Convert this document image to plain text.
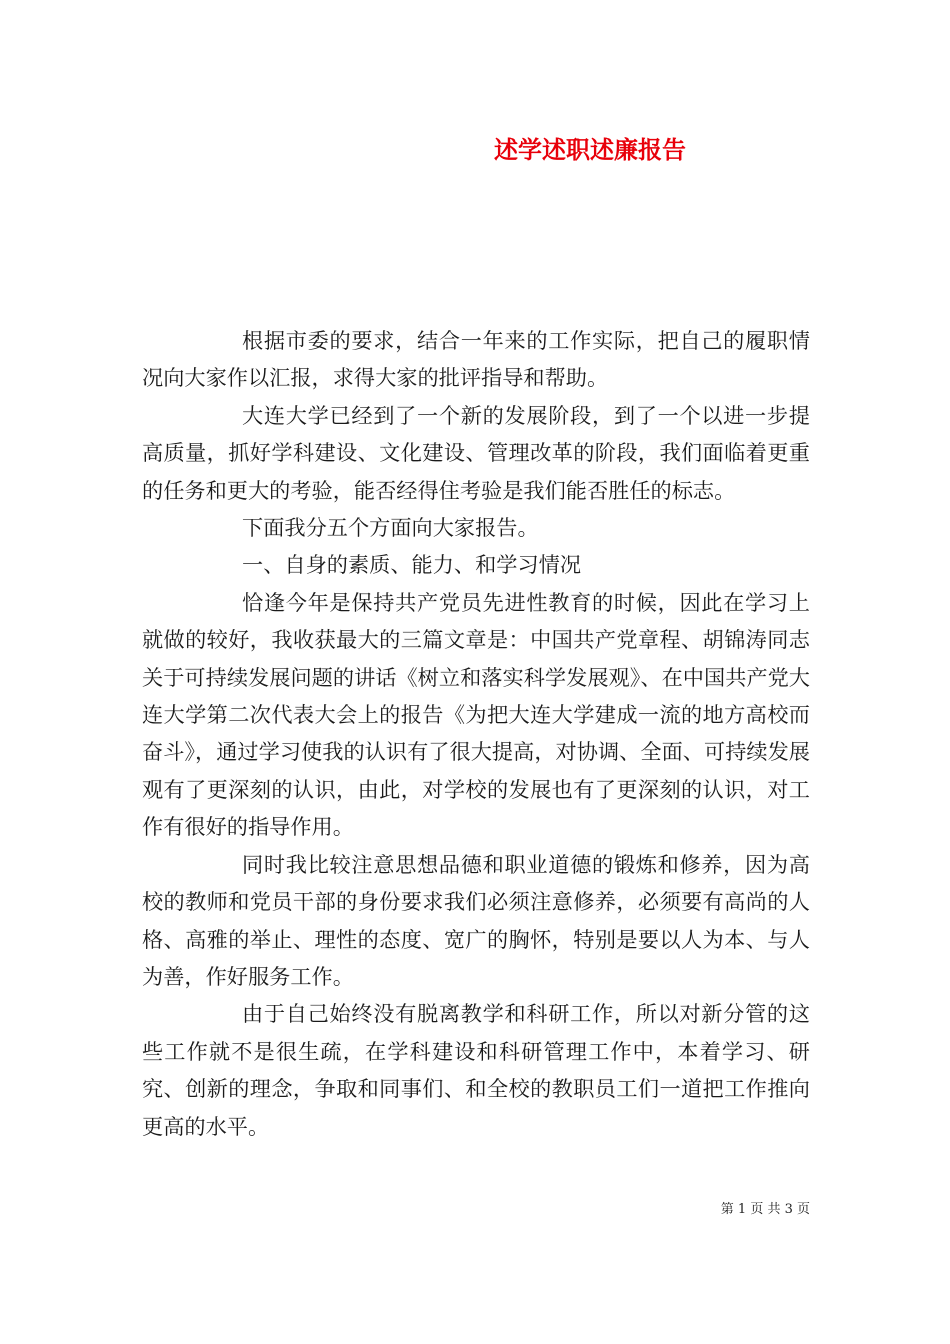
述学述职述廉报告

根据市委的要求，结合一年来的工作实际，把自己的履职情况向大家作以汇报，求得大家的批评指导和帮助。

大连大学已经到了一个新的发展阶段，到了一个以进一步提高质量，抓好学科建设、文化建设、管理改革的阶段，我们面临着更重的任务和更大的考验，能否经得住考验是我们能否胜任的标志。

下面我分五个方面向大家报告。

一、自身的素质、能力、和学习情况

恰逢今年是保持共产党员先进性教育的时候，因此在学习上就做的较好，我收获最大的三篇文章是：中国共产党章程、胡锦涛同志关于可持续发展问题的讲话《树立和落实科学发展观》、在中国共产党大连大学第二次代表大会上的报告《为把大连大学建成一流的地方高校而奋斗》，通过学习使我的认识有了很大提高，对协调、全面、可持续发展观有了更深刻的认识，由此，对学校的发展也有了更深刻的认识，对工作有很好的指导作用。

同时我比较注意思想品德和职业道德的锻炼和修养，因为高校的教师和党员干部的身份要求我们必须注意修养，必须要有高尚的人格、高雅的举止、理性的态度、宽广的胸怀，特别是要以人为本、与人为善，作好服务工作。

由于自己始终没有脱离教学和科研工作，所以对新分管的这些工作就不是很生疏，在学科建设和科研管理工作中，本着学习、研究、创新的理念，争取和同事们、和全校的教职员工们一道把工作推向更高的水平。

第 1 页 共 3 页
